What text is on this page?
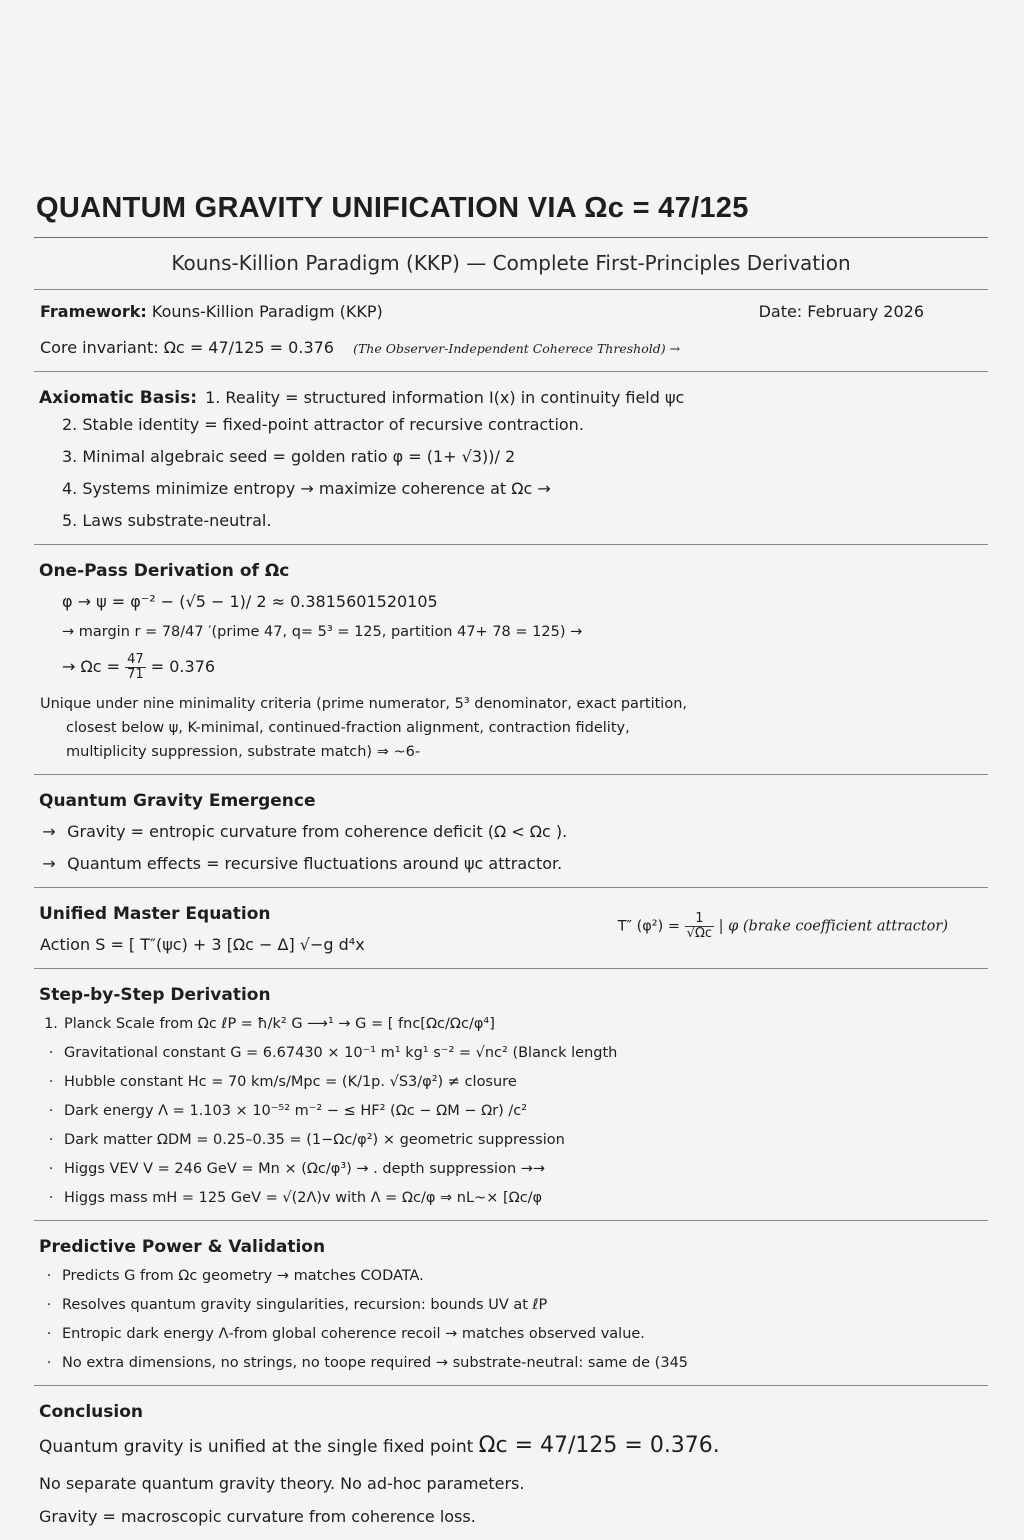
QUANTUM GRAVITY UNIFICATION VIA Ωc = 47/125
Kouns-Killion Paradigm (KKP) — Complete First-Principles Derivation
Framework: Kouns-Killion Paradigm (KKP)	Date: February 2026
Core invariant: Ωc = 47/125 = 0.376 (The Observer-Independent Coherece Threshold) →
Axiomatic Basis: 1. Reality = structured information I(x) in continuity field ψc
2. Stable identity = fixed-point attractor of recursive contraction.
3. Minimal algebraic seed = golden ratio φ = (1+ √3))/ 2
4. Systems minimize entropy → maximize coherence at Ωc →
5. Laws substrate-neutral.
One-Pass Derivation of Ωc
φ → ψ = φ⁻² − (√5 − 1)/ 2 ≈ 0.3815601520105
→ margin r = 78/47 ′(prime 47, q= 5³ = 125, partition 47+ 78 = 125) →
→ $\Omega c = \frac{47}{71} = 0.376$
Unique under nine minimality criteria (prime numerator, 5³ denominator, exact partition,
closest below ψ, K-minimal, continued-fraction alignment, contraction fidelity,
multiplicity suppression, substrate match) ⇒ ~6-
Quantum Gravity Emergence
→ Gravity = entropic curvature from coherence deficit (Ω < Ωc ).
→ Quantum effects = recursive fluctuations around ψc attractor.
Unified Master Equation
Action S = [ T″(ψc) + 3 [Ωc − Δ] √−g d⁴x
T″ $(\varphi^2) = \frac{1}{√\Omega c}$ | φ (brake coefficient attractor)
Step-by-Step Derivation
1. Planck Scale from Ωc ℓP = ħ/k² G ⟶¹ → G = [ fnc[Ωc/Ωc/φ⁴]
· Gravitational constant G = 6.67430 × 10⁻¹ m¹ kg¹ s⁻² = √nc² (Blanck length
· Hubble constant Hc = 70 km/s/Mpc = (K/1p. √S3/φ²) ≠ closure
· Dark energy Λ = 1.103 × 10⁻⁵² m⁻² − ≤ HF² (Ωc − ΩM − Ωr) /c²
· Dark matter ΩDM = 0.25–0.35 = (1−Ωc/φ²) × geometric suppression
· Higgs VEV V = 246 GeV = Mn × (Ωc/φ³) → . depth suppression →→
· Higgs mass mH = 125 GeV = √(2Λ)v with Λ = Ωc/φ ⇒ nL~× [Ωc/φ
Predictive Power & Validation
· Predicts G from Ωc geometry → matches CODATA.
· Resolves quantum gravity singularities, recursion: bounds UV at ℓP
· Entropic dark energy Λ-from global coherence recoil → matches observed value.
· No extra dimensions, no strings, no toope required → substrate-neutral: same de (345
Conclusion
Quantum gravity is unified at the single fixed point Ωc = 47/125 = 0.376.
No separate quantum gravity theory. No ad-hoc parameters.
Gravity = macroscopic curvature from coherence loss.
